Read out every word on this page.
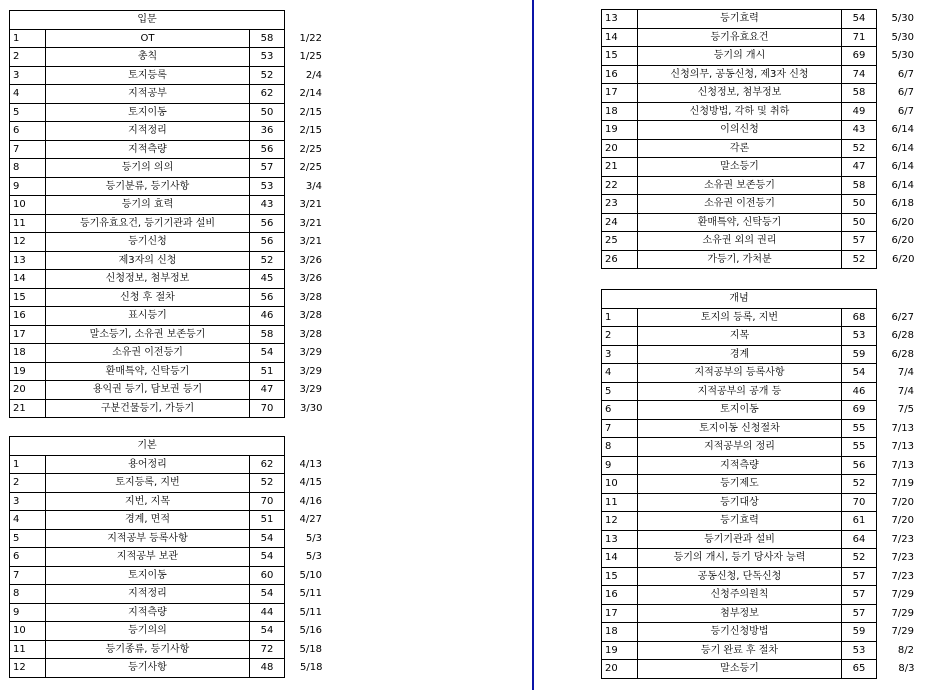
입문			
1	OT	58	1/22
2	총칙	53	1/25
3	토지등록	52	2/4
4	지적공부	62	2/14
5	토지이동	50	2/15
6	지적정리	36	2/15
7	지적측량	56	2/25
8	등기의 의의	57	2/25
9	등기분류, 등기사항	53	3/4
10	등기의 효력	43	3/21
11	등기유효요건, 등기기관과 설비	56	3/21
12	등기신청	56	3/21
13	제3자의 신청	52	3/26
14	신청정보, 첨부정보	45	3/26
15	신청 후 절차	56	3/28
16	표시등기	46	3/28
17	말소등기, 소유권 보존등기	58	3/28
18	소유권 이전등기	54	3/29
19	환매특약, 신탁등기	51	3/29
20	용익권 등기, 담보권 등기	47	3/29
21	구분건물등기, 가등기	70	3/30
기본			
1	용어정리	62	4/13
2	토지등록, 지번	52	4/15
3	지번, 지목	70	4/16
4	경계, 면적	51	4/27
5	지적공부 등록사항	54	5/3
6	지적공부 보관	54	5/3
7	토지이동	60	5/10
8	지적정리	54	5/11
9	지적측량	44	5/11
10	등기의의	54	5/16
11	등기종류, 등기사항	72	5/18
12	등기사항	48	5/18
13	등기효력	54	5/30
14	등기유효요건	71	5/30
15	등기의 개시	69	5/30
16	신청의무, 공동신청, 제3자 신청	74	6/7
17	신청정보, 첨부정보	58	6/7
18	신청방법, 각하 및 취하	49	6/7
19	이의신청	43	6/14
20	각론	52	6/14
21	말소등기	47	6/14
22	소유권 보존등기	58	6/14
23	소유권 이전등기	50	6/18
24	환매특약, 신탁등기	50	6/20
25	소유권 외의 권리	57	6/20
26	가등기, 가처분	52	6/20
개념			
1	토지의 등록, 지번	68	6/27
2	지목	53	6/28
3	경계	59	6/28
4	지적공부의 등록사항	54	7/4
5	지적공부의 공개 등	46	7/4
6	토지이동	69	7/5
7	토지이동 신청절차	55	7/13
8	지적공부의 정리	55	7/13
9	지적측량	56	7/13
10	등기제도	52	7/19
11	등기대상	70	7/20
12	등기효력	61	7/20
13	등기기관과 설비	64	7/23
14	등기의 개시, 등기 당사자 능력	52	7/23
15	공동신청, 단독신청	57	7/23
16	신청주의원칙	57	7/29
17	첨부정보	57	7/29
18	등기신청방법	59	7/29
19	등기 완료 후 절차	53	8/2
20	말소등기	65	8/3
